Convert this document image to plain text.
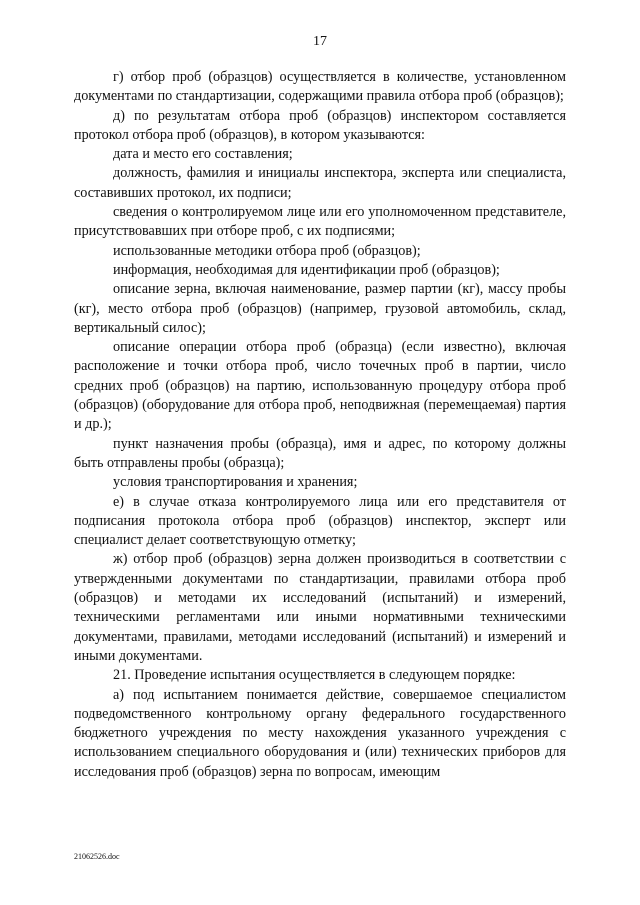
17

г) отбор проб (образцов) осуществляется в количестве, установленном документами по стандартизации, содержащими правила отбора проб (образцов);

д) по результатам отбора проб (образцов) инспектором составляется протокол отбора проб (образцов), в котором указываются:

дата и место его составления;

должность, фамилия и инициалы инспектора, эксперта или специалиста, составивших протокол, их подписи;

сведения о контролируемом лице или его уполномоченном представителе, присутствовавших при отборе проб, с их подписями;

использованные методики отбора проб (образцов);

информация, необходимая для идентификации проб (образцов);

описание зерна, включая наименование, размер партии (кг), массу пробы (кг), место отбора проб (образцов) (например, грузовой автомобиль, склад, вертикальный силос);

описание операции отбора проб (образца) (если известно), включая расположение и точки отбора проб, число точечных проб в партии, число средних проб (образцов) на партию, использованную процедуру отбора проб (образцов) (оборудование для отбора проб, неподвижная (перемещаемая) партия и др.);

пункт назначения пробы (образца), имя и адрес, по которому должны быть отправлены пробы (образца);

условия транспортирования и хранения;

е) в случае отказа контролируемого лица или его представителя от подписания протокола отбора проб (образцов) инспектор, эксперт или специалист делает соответствующую отметку;

ж) отбор проб (образцов) зерна должен производиться в соответствии с утвержденными документами по стандартизации, правилами отбора проб (образцов) и методами их исследований (испытаний) и измерений, техническими регламентами или иными нормативными техническими документами, правилами, методами исследований (испытаний) и измерений и иными документами.

21. Проведение испытания осуществляется в следующем порядке:

а) под испытанием понимается действие, совершаемое специалистом подведомственного контрольному органу федерального государственного бюджетного учреждения по месту нахождения указанного учреждения с использованием специального оборудования и (или) технических приборов для исследования проб (образцов) зерна по вопросам, имеющим

21062526.doc
